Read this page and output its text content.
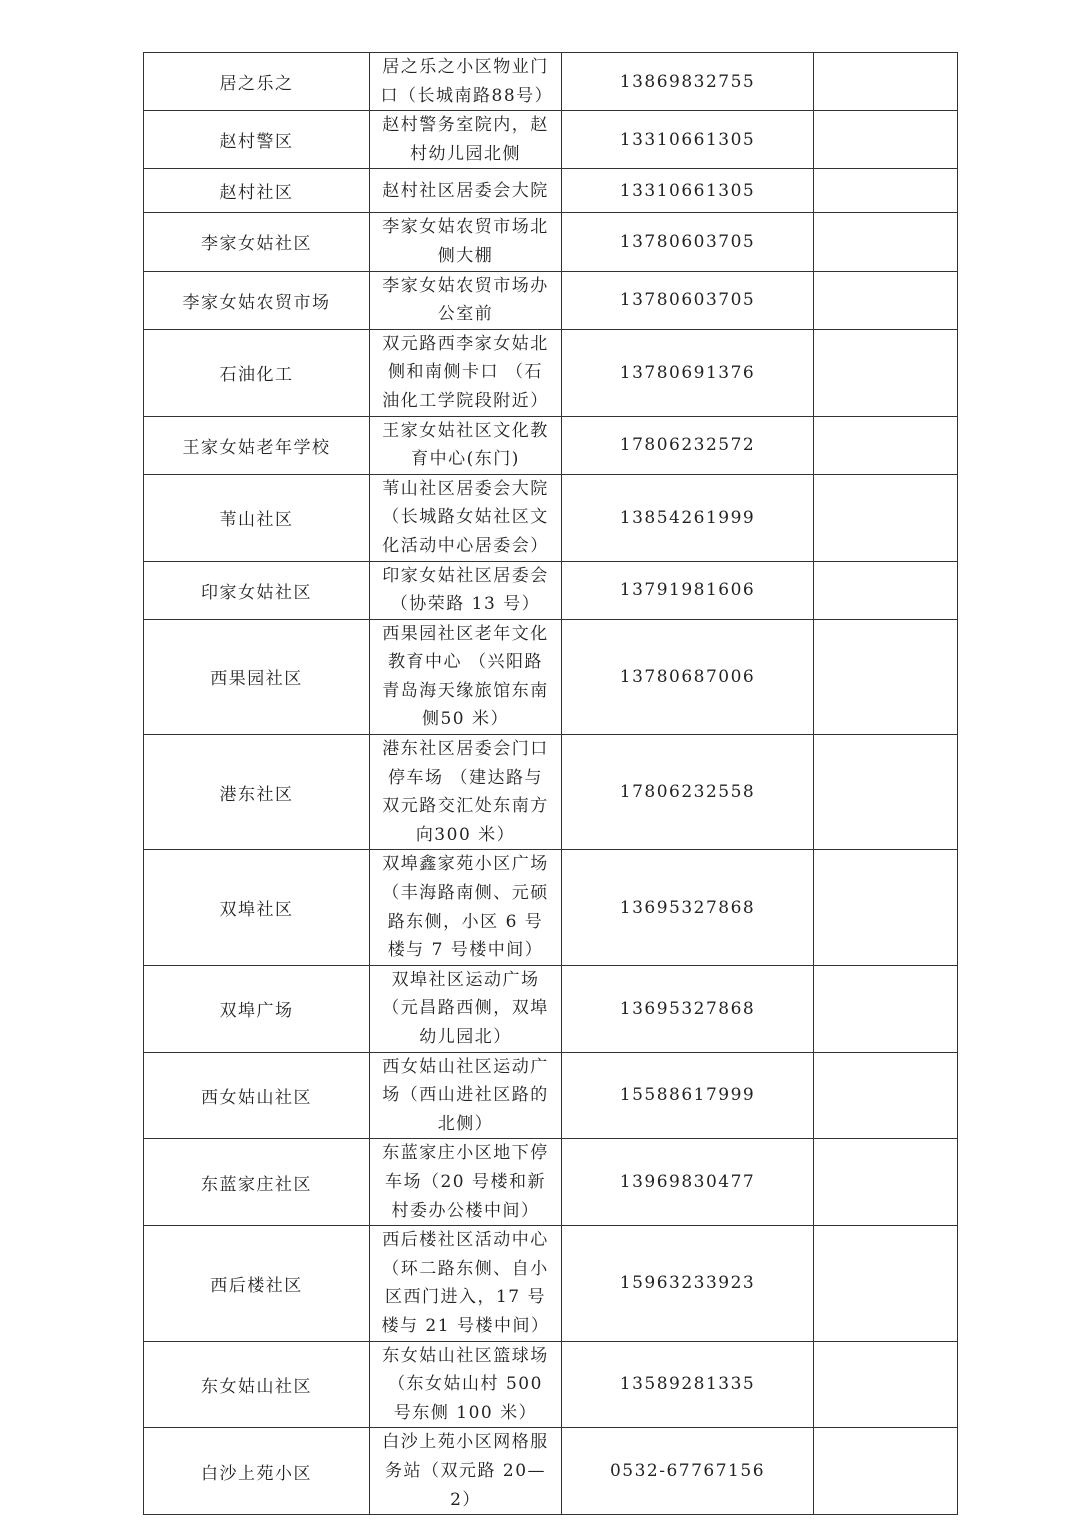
居之乐之	居之乐之小区物业门口（长城南路88号）	13869832755	
赵村警区	赵村警务室院内，赵村幼儿园北侧	13310661305	
赵村社区	赵村社区居委会大院	13310661305	
李家女姑社区	李家女姑农贸市场北侧大棚	13780603705	
李家女姑农贸市场	李家女姑农贸市场办公室前	13780603705	
石油化工	双元路西李家女姑北侧和南侧卡口 （石油化工学院段附近）	13780691376	
王家女姑老年学校	王家女姑社区文化教育中心(东门)	17806232572	
苇山社区	苇山社区居委会大院（长城路女姑社区文化活动中心居委会）	13854261999	
印家女姑社区	印家女姑社区居委会（协荣路 13 号）	13791981606	
西果园社区	西果园社区老年文化教育中心 （兴阳路青岛海天缘旅馆东南侧50 米）	13780687006	
港东社区	港东社区居委会门口停车场 （建达路与双元路交汇处东南方向300 米）	17806232558	
双埠社区	双埠鑫家苑小区广场（丰海路南侧、元硕路东侧，小区 6 号楼与 7 号楼中间）	13695327868	
双埠广场	双埠社区运动广场（元昌路西侧，双埠幼儿园北）	13695327868	
西女姑山社区	西女姑山社区运动广场（西山进社区路的北侧）	15588617999	
东蓝家庄社区	东蓝家庄小区地下停车场（20 号楼和新村委办公楼中间）	13969830477	
西后楼社区	西后楼社区活动中心（环二路东侧、自小区西门进入，17 号楼与 21 号楼中间）	15963233923	
东女姑山社区	东女姑山社区篮球场（东女姑山村 500 号东侧 100 米）	13589281335	
白沙上苑小区	白沙上苑小区网格服务站（双元路 20—2）	0532-67767156	
